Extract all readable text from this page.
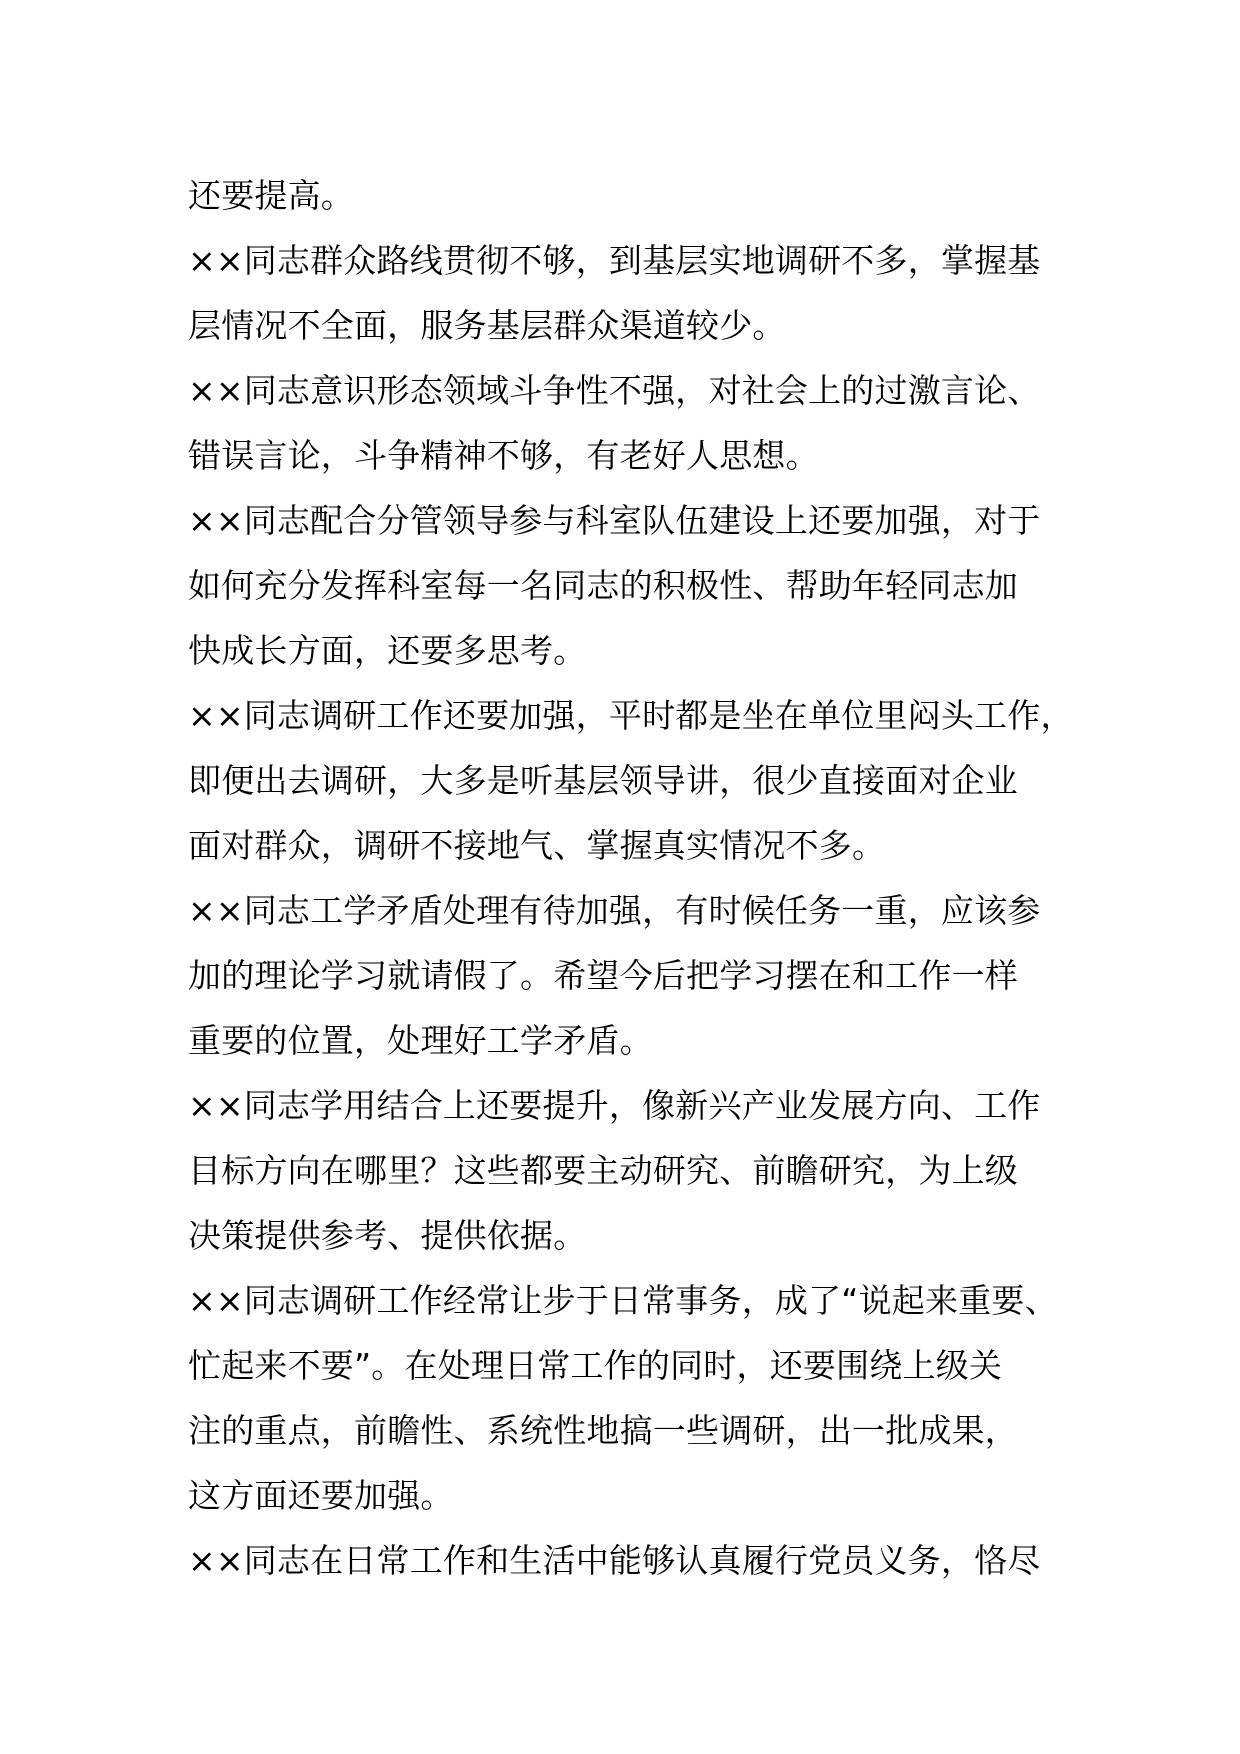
还要提高。
××同志群众路线贯彻不够，到基层实地调研不多，掌握基
层情况不全面，服务基层群众渠道较少。
××同志意识形态领域斗争性不强，对社会上的过激言论、
错误言论，斗争精神不够，有老好人思想。
××同志配合分管领导参与科室队伍建设上还要加强，对于
如何充分发挥科室每一名同志的积极性、帮助年轻同志加
快成长方面，还要多思考。
××同志调研工作还要加强，平时都是坐在单位里闷头工作，
即便出去调研，大多是听基层领导讲，很少直接面对企业
面对群众，调研不接地气、掌握真实情况不多。
××同志工学矛盾处理有待加强，有时候任务一重，应该参
加的理论学习就请假了。希望今后把学习摆在和工作一样
重要的位置，处理好工学矛盾。
××同志学用结合上还要提升，像新兴产业发展方向、工作
目标方向在哪里？这些都要主动研究、前瞻研究，为上级
决策提供参考、提供依据。
××同志调研工作经常让步于日常事务，成了“说起来重要、
忙起来不要”。在处理日常工作的同时，还要围绕上级关
注的重点，前瞻性、系统性地搞一些调研，出一批成果，
这方面还要加强。
××同志在日常工作和生活中能够认真履行党员义务，恪尽
